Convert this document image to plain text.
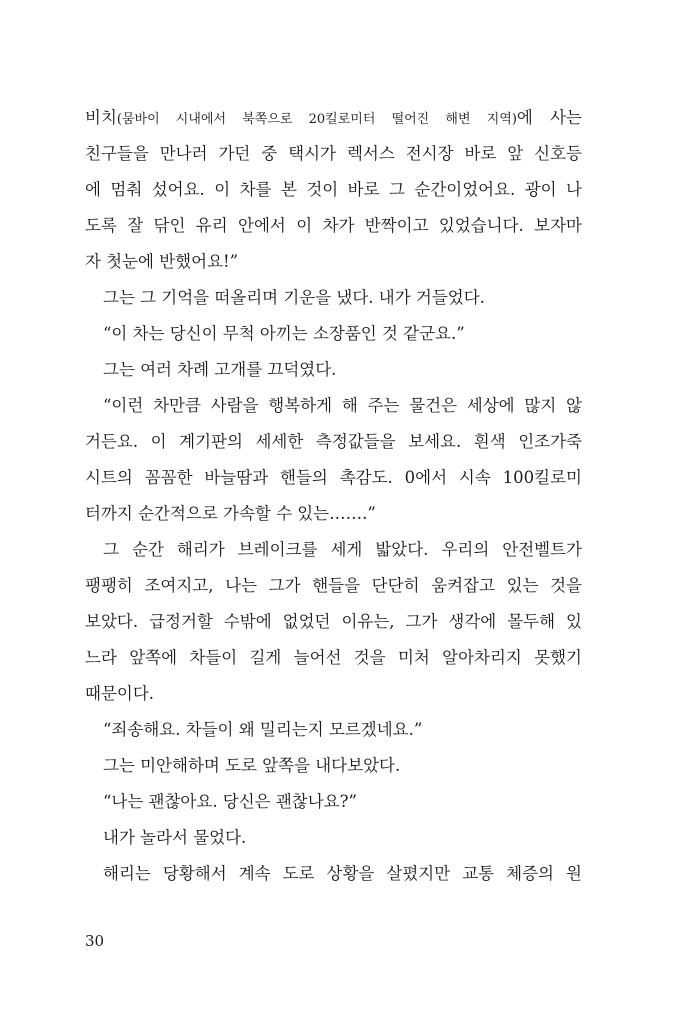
비치(뭄바이 시내에서 북쪽으로 20킬로미터 떨어진 해변 지역)에 사는
친구들을 만나러 가던 중 택시가 렉서스 전시장 바로 앞 신호등
에 멈춰 섰어요. 이 차를 본 것이 바로 그 순간이었어요. 광이 나
도록 잘 닦인 유리 안에서 이 차가 반짝이고 있었습니다. 보자마
자 첫눈에 반했어요!”
그는 그 기억을 떠올리며 기운을 냈다. 내가 거들었다.
“이 차는 당신이 무척 아끼는 소장품인 것 같군요.”
그는 여러 차례 고개를 끄덕였다.
“이런 차만큼 사람을 행복하게 해 주는 물건은 세상에 많지 않
거든요. 이 계기판의 세세한 측정값들을 보세요. 흰색 인조가죽
시트의 꼼꼼한 바늘땀과 핸들의 촉감도. 0에서 시속 100킬로미
터까지 순간적으로 가속할 수 있는…….”
그 순간 해리가 브레이크를 세게 밟았다. 우리의 안전벨트가
팽팽히 조여지고, 나는 그가 핸들을 단단히 움켜잡고 있는 것을
보았다. 급정거할 수밖에 없었던 이유는, 그가 생각에 몰두해 있
느라 앞쪽에 차들이 길게 늘어선 것을 미처 알아차리지 못했기
때문이다.
“죄송해요. 차들이 왜 밀리는지 모르겠네요.”
그는 미안해하며 도로 앞쪽을 내다보았다.
“나는 괜찮아요. 당신은 괜찮나요?”
내가 놀라서 물었다.
해리는 당황해서 계속 도로 상황을 살폈지만 교통 체증의 원
30
